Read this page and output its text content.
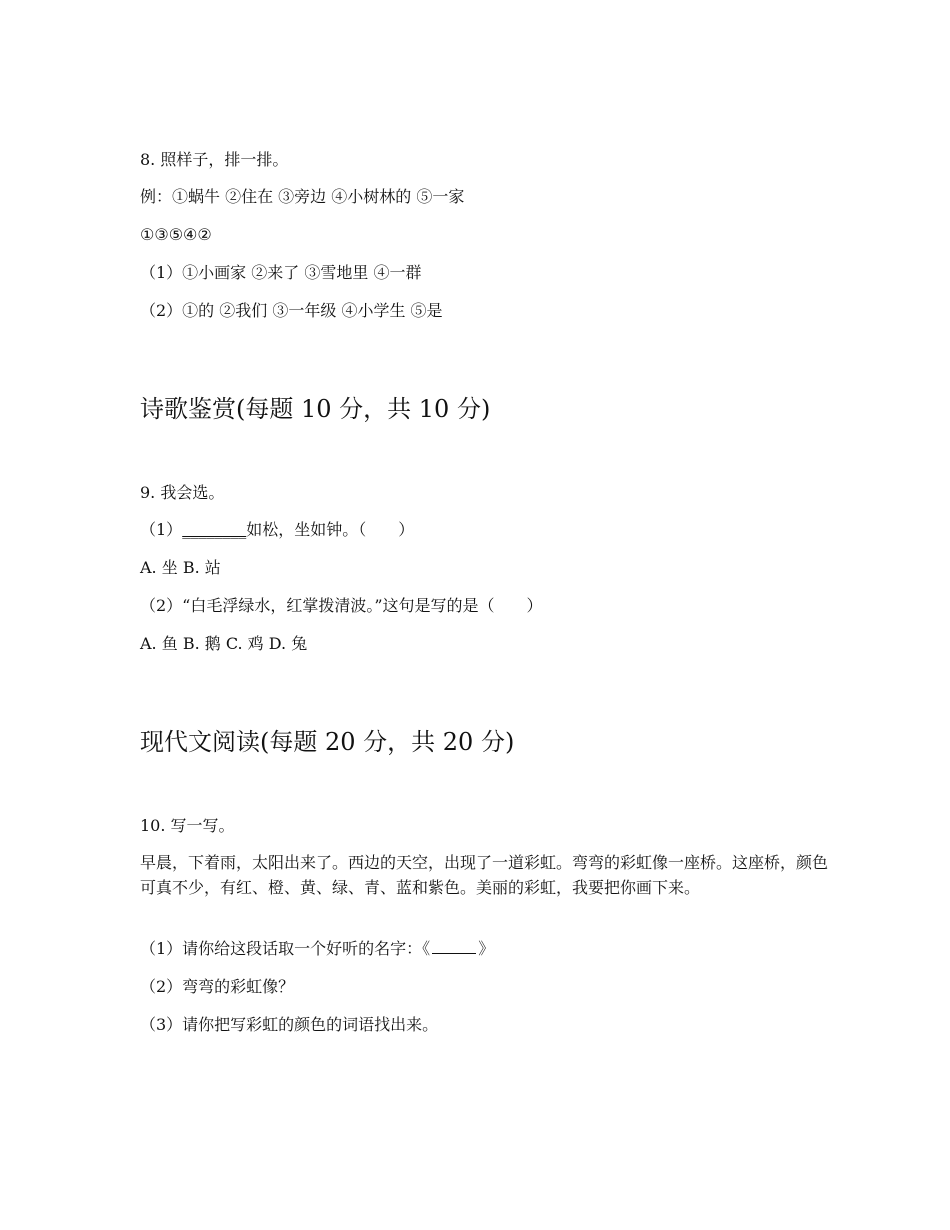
8. 照样子，排一排。
例：①蜗牛 ②住在 ③旁边 ④小树林的 ⑤一家
①③⑤④②
（1）①小画家 ②来了 ③雪地里 ④一群
（2）①的 ②我们 ③一年级 ④小学生 ⑤是
诗歌鉴赏(每题 10 分，共 10 分)
9. 我会选。
（1）________如松，坐如钟。（　　）
A. 坐 B. 站
（2）“白毛浮绿水，红掌拨清波。”这句是写的是（　　）
A. 鱼 B. 鹅 C. 鸡 D. 兔
现代文阅读(每题 20 分，共 20 分)
10. 写一写。
早晨，下着雨，太阳出来了。西边的天空，出现了一道彩虹。弯弯的彩虹像一座桥。这座桥，颜色可真不少，有红、橙、黄、绿、青、蓝和紫色。美丽的彩虹，我要把你画下来。
（1）请你给这段话取一个好听的名字：《	》
（2）弯弯的彩虹像？
（3）请你把写彩虹的颜色的词语找出来。
